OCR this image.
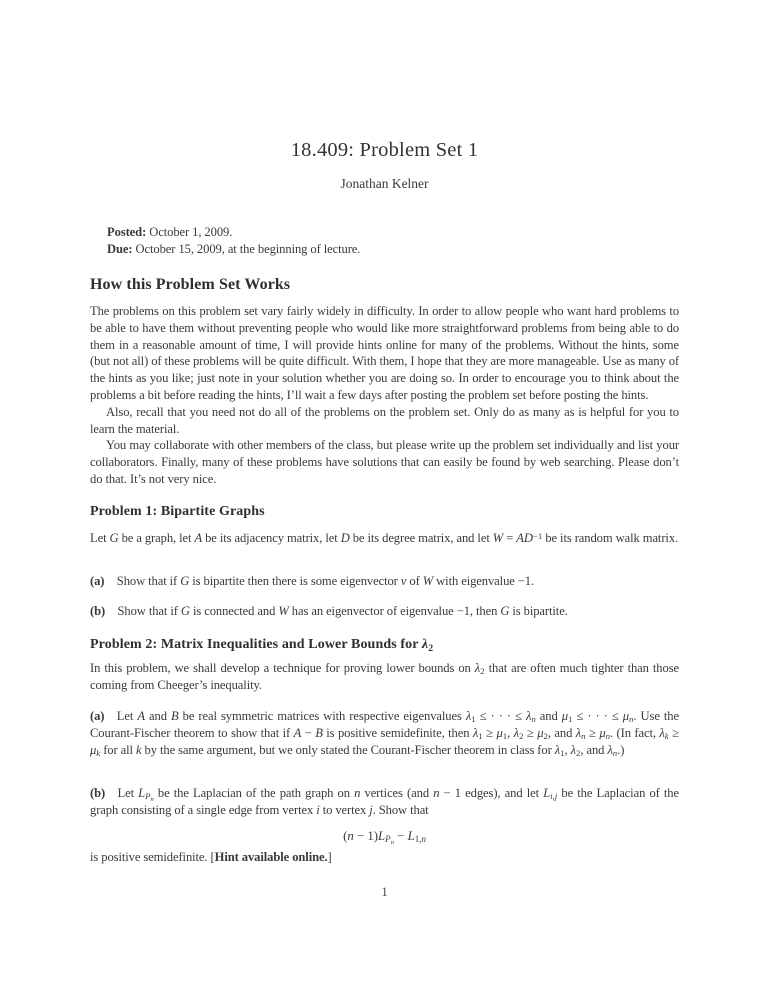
18.409: Problem Set 1
Jonathan Kelner
Posted: October 1, 2009.
Due: October 15, 2009, at the beginning of lecture.
How this Problem Set Works

The problems on this problem set vary fairly widely in difficulty. In order to allow people who want hard problems to be able to have them without preventing people who would like more straightforward problems from being able to do them in a reasonable amount of time, I will provide hints online for many of the problems. Without the hints, some (but not all) of these problems will be quite difficult. With them, I hope that they are more manageable. Use as many of the hints as you like; just note in your solution whether you are doing so. In order to encourage you to think about the problems a bit before reading the hints, I’ll wait a few days after posting the problem set before posting the hints.

Also, recall that you need not do all of the problems on the problem set. Only do as many as is helpful for you to learn the material.

You may collaborate with other members of the class, but please write up the problem set individually and list your collaborators. Finally, many of these problems have solutions that can easily be found by web searching. Please don’t do that. It’s not very nice.

Problem 1: Bipartite Graphs

Let G be a graph, let A be its adjacency matrix, let D be its degree matrix, and let $W = AD^{-1}$ be its random walk matrix.

(a)  Show that if G is bipartite then there is some eigenvector v of W with eigenvalue −1.

(b)  Show that if G is connected and W has an eigenvector of eigenvalue −1, then G is bipartite.

Problem 2: Matrix Inequalities and Lower Bounds for λ2

In this problem, we shall develop a technique for proving lower bounds on λ2 that are often much tighter than those coming from Cheeger’s inequality.

(a)  Let A and B be real symmetric matrices with respective eigenvalues λ1 ≤ · · · ≤ λn and μ1 ≤ · · · ≤ μn. Use the Courant-Fischer theorem to show that if A − B is positive semidefinite, then λ1 ≥ μ1, λ2 ≥ μ2, and λn ≥ μn. (In fact, λk ≥ μk for all k by the same argument, but we only stated the Courant-Fischer theorem in class for λ1, λ2, and λn.)

(b)  Let $LP_n$ be the Laplacian of the path graph on n vertices (and n − 1 edges), and let Li,j be the Laplacian of the graph consisting of a single edge from vertex i to vertex j. Show that

$(n - 1)LP_n - L1,n$

is positive semidefinite. [Hint available online.]

1
